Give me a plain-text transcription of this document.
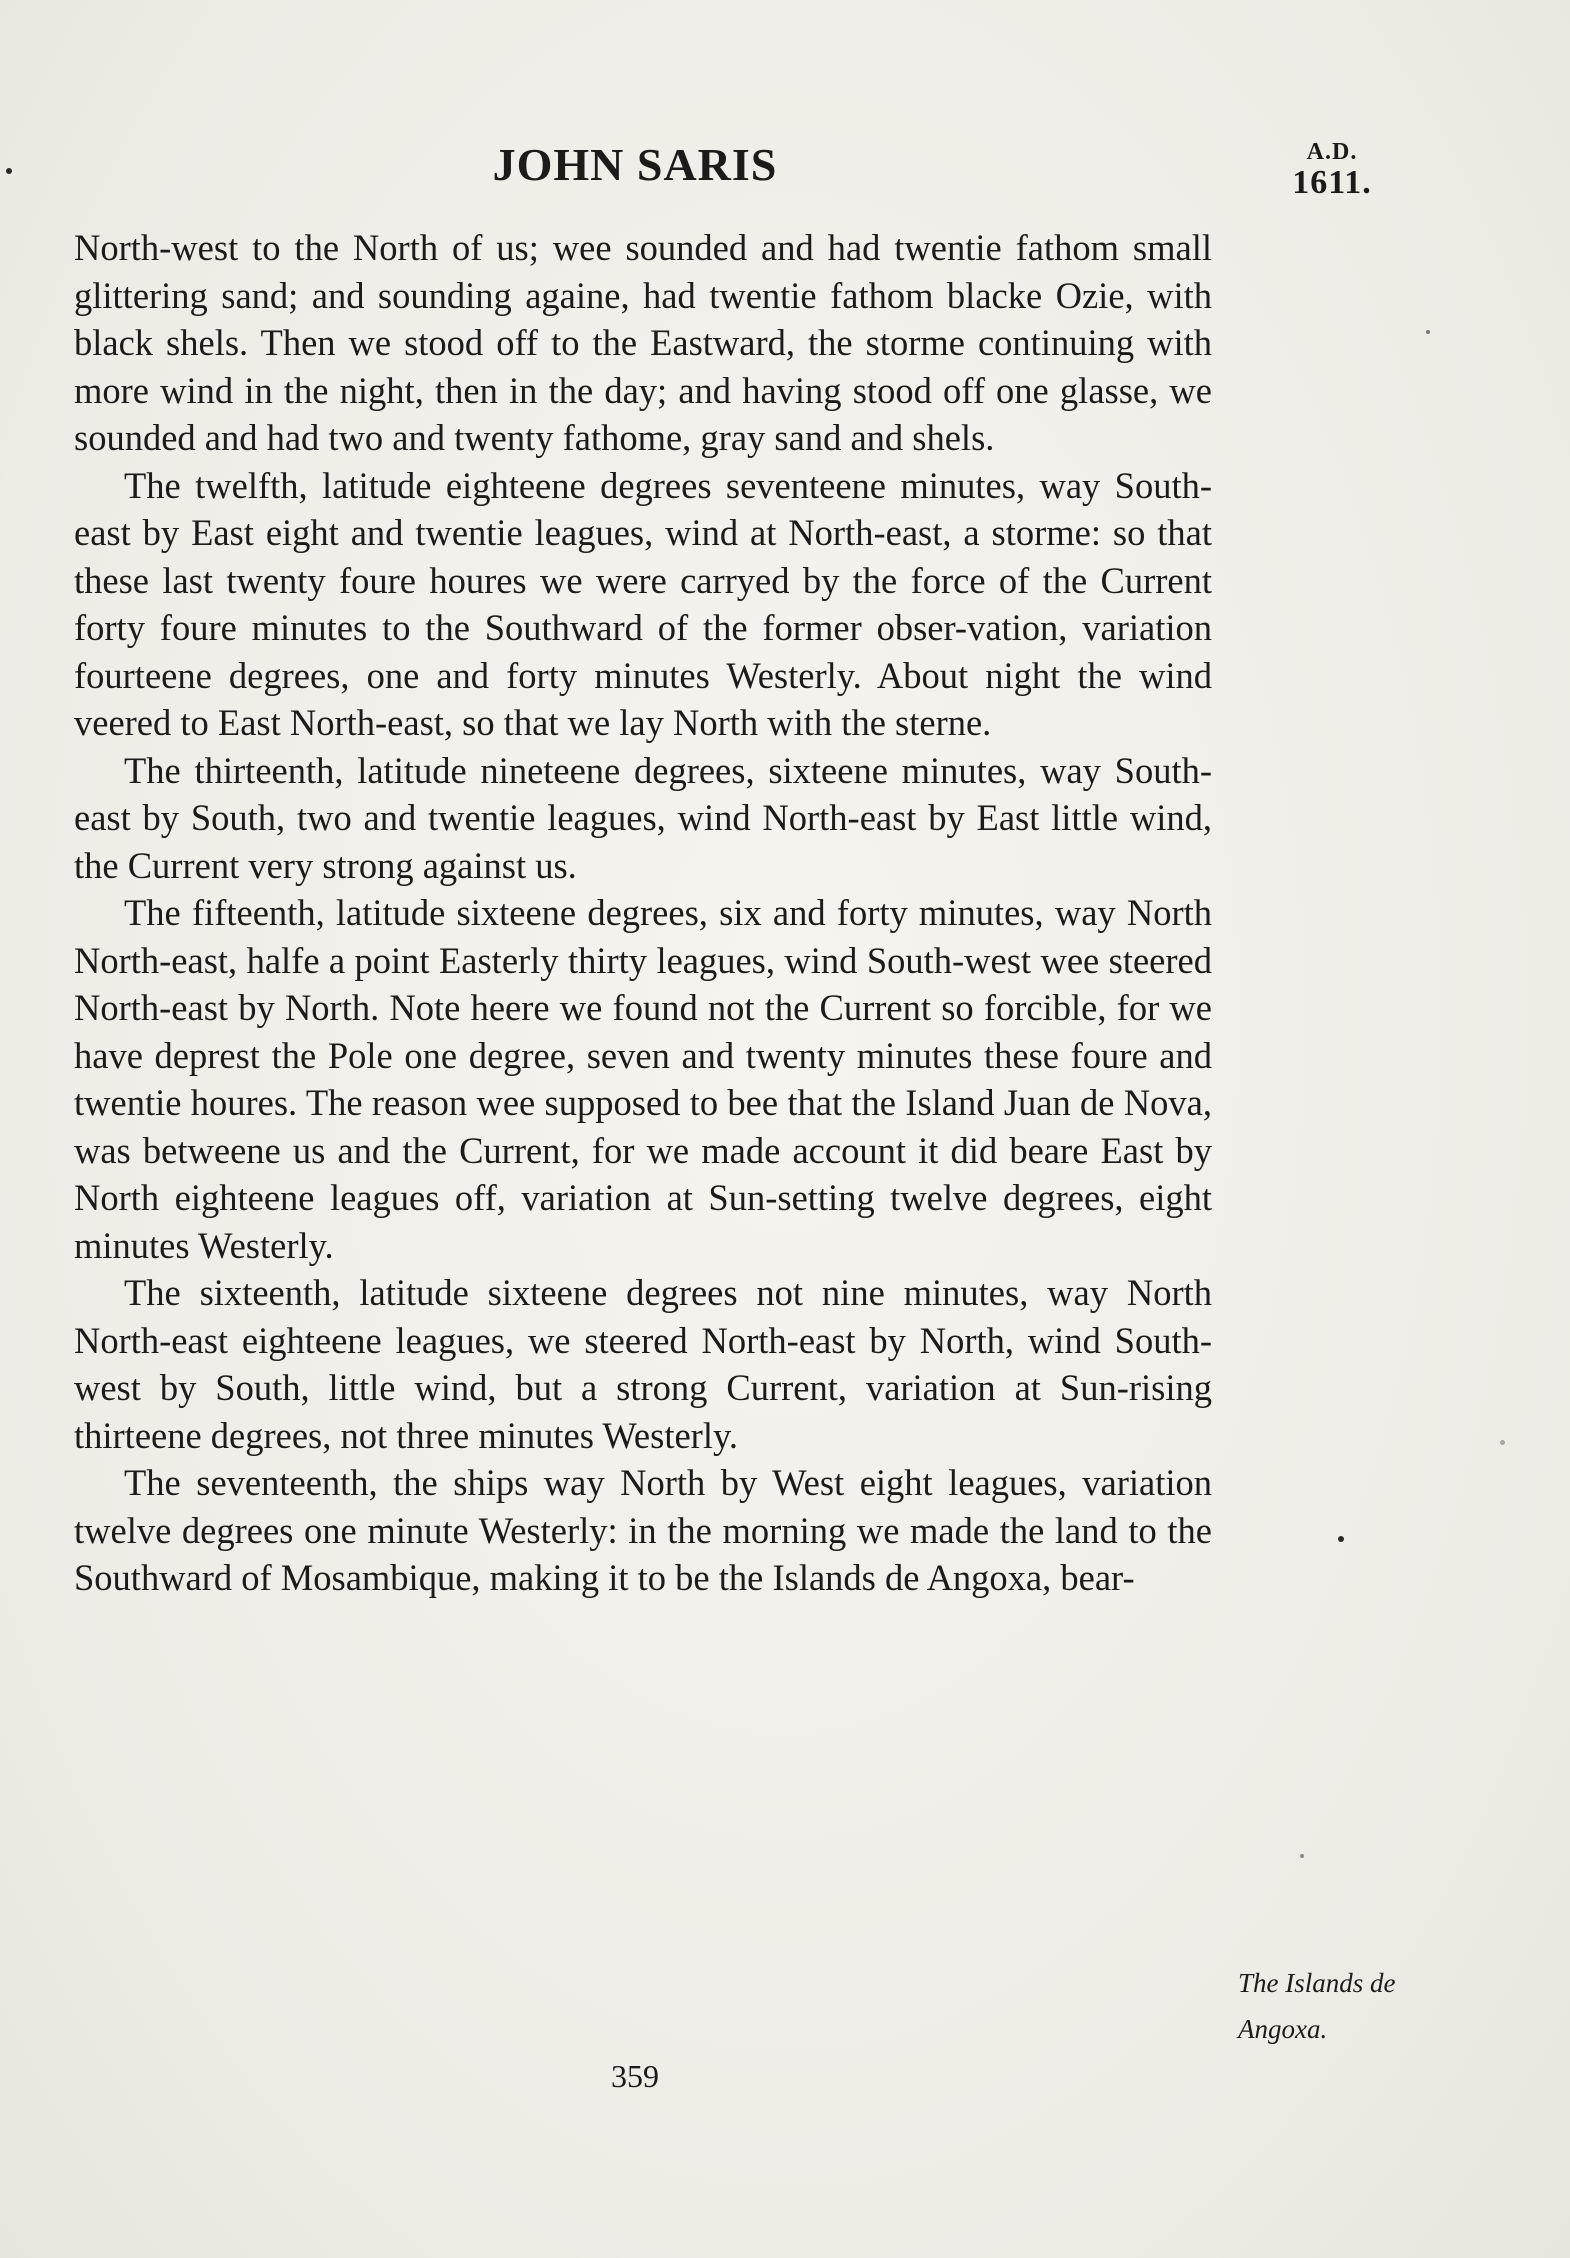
JOHN SARIS	A.D.
1611.

North-west to the North of us; wee sounded and had twentie fathom small glittering sand; and sounding againe, had twentie fathom blacke Ozie, with black shels. Then we stood off to the Eastward, the storme continuing with more wind in the night, then in the day; and having stood off one glasse, we sounded and had two and twenty fathome, gray sand and shels.

The twelfth, latitude eighteene degrees seventeene minutes, way South-east by East eight and twentie leagues, wind at North-east, a storme: so that these last twenty foure houres we were carryed by the force of the Current forty foure minutes to the Southward of the former obser-vation, variation fourteene degrees, one and forty minutes Westerly. About night the wind veered to East North-east, so that we lay North with the sterne.

The thirteenth, latitude nineteene degrees, sixteene minutes, way South-east by South, two and twentie leagues, wind North-east by East little wind, the Current very strong against us.

The fifteenth, latitude sixteene degrees, six and forty minutes, way North North-east, halfe a point Easterly thirty leagues, wind South-west wee steered North-east by North. Note heere we found not the Current so forcible, for we have deprest the Pole one degree, seven and twenty minutes these foure and twentie houres. The reason wee supposed to bee that the Island Juan de Nova, was betweene us and the Current, for we made account it did beare East by North eighteene leagues off, variation at Sun-setting twelve degrees, eight minutes Westerly.

The sixteenth, latitude sixteene degrees not nine minutes, way North North-east eighteene leagues, we steered North-east by North, wind South-west by South, little wind, but a strong Current, variation at Sun-rising thirteene degrees, not three minutes Westerly.

The seventeenth, the ships way North by West eight leagues, variation twelve degrees one minute Westerly: in the morning we made the land to the Southward of Mosambique, making it to be the Islands de Angoxa, bear-

The Islands de
Angoxa.
359
